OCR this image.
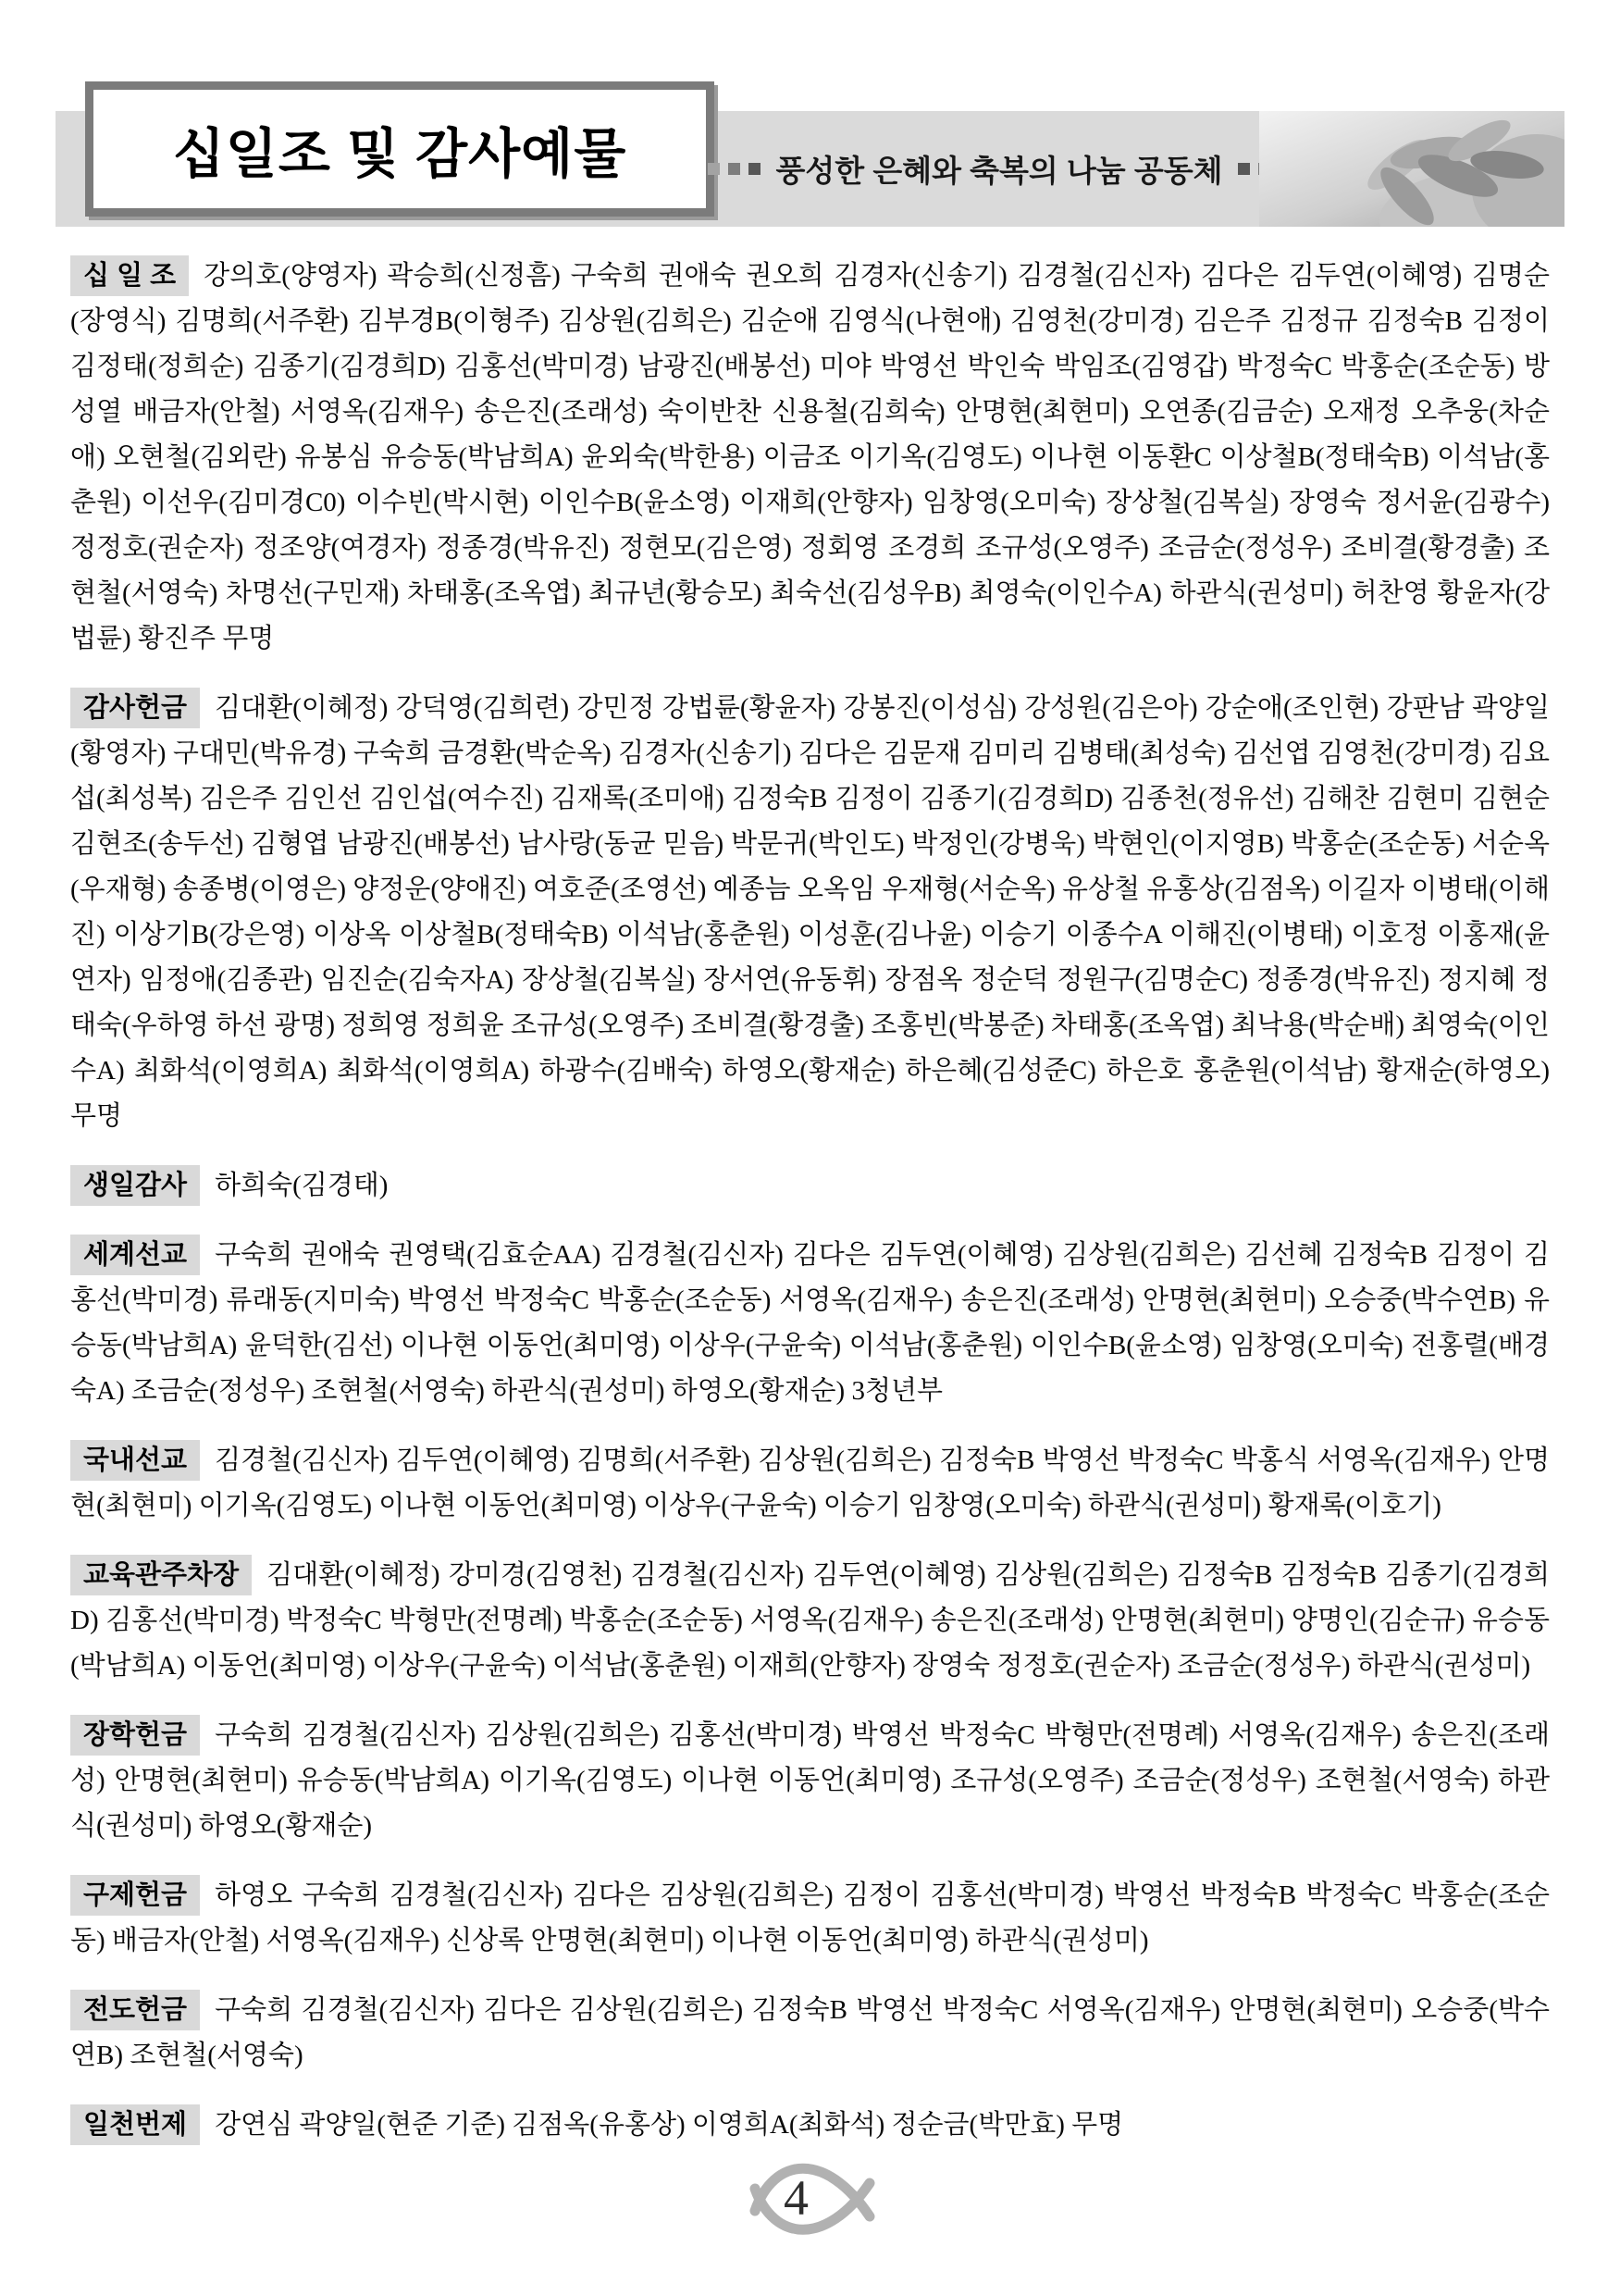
십일조 및 감사예물	풍성한 은혜와 축복의 나눔 공동체

십 일 조 강의호(양영자) 곽승희(신정흠) 구숙희 권애숙 권오희 김경자(신송기) 김경철(김신자) 김다은 김두연(이혜영) 김명순(장영식) 김명희(서주환) 김부경B(이형주) 김상원(김희은) 김순애 김영식(나현애) 김영천(강미경) 김은주 김정규 김정숙B 김정이 김정태(정희순) 김종기(김경희D) 김홍선(박미경) 남광진(배봉선) 미야 박영선 박인숙 박임조(김영갑) 박정숙C 박홍순(조순동) 방성열 배금자(안철) 서영옥(김재우) 송은진(조래성) 숙이반찬 신용철(김희숙) 안명현(최현미) 오연종(김금순) 오재정 오추웅(차순애) 오현철(김외란) 유봉심 유승동(박남희A) 윤외숙(박한용) 이금조 이기옥(김영도) 이나현 이동환C 이상철B(정태숙B) 이석남(홍춘원) 이선우(김미경C0) 이수빈(박시현) 이인수B(윤소영) 이재희(안향자) 임창영(오미숙) 장상철(김복실) 장영숙 정서윤(김광수) 정정호(권순자) 정조양(여경자) 정종경(박유진) 정현모(김은영) 정회영 조경희 조규성(오영주) 조금순(정성우) 조비결(황경출) 조현철(서영숙) 차명선(구민재) 차태홍(조옥엽) 최규년(황승모) 최숙선(김성우B) 최영숙(이인수A) 하관식(권성미) 허찬영 황윤자(강법륜) 황진주 무명

감사헌금 김대환(이혜정) 강덕영(김희련) 강민정 강법륜(황윤자) 강봉진(이성심) 강성원(김은아) 강순애(조인현) 강판남 곽양일(황영자) 구대민(박유경) 구숙희 금경환(박순옥) 김경자(신송기) 김다은 김문재 김미리 김병태(최성숙) 김선엽 김영천(강미경) 김요섭(최성복) 김은주 김인선 김인섭(여수진) 김재록(조미애) 김정숙B 김정이 김종기(김경희D) 김종천(정유선) 김해찬 김현미 김현순 김현조(송두선) 김형엽 남광진(배봉선) 남사랑(동균 믿음) 박문귀(박인도) 박정인(강병욱) 박현인(이지영B) 박홍순(조순동) 서순옥(우재형) 송종병(이영은) 양정운(양애진) 여호준(조영선) 예종늠 오옥임 우재형(서순옥) 유상철 유홍상(김점옥) 이길자 이병태(이해진) 이상기B(강은영) 이상옥 이상철B(정태숙B) 이석남(홍춘원) 이성훈(김나윤) 이승기 이종수A 이해진(이병태) 이호정 이홍재(윤연자) 임정애(김종관) 임진순(김숙자A) 장상철(김복실) 장서연(유동휘) 장점옥 정순덕 정원구(김명순C) 정종경(박유진) 정지혜 정태숙(우하영 하선 광명) 정희영 정희윤 조규성(오영주) 조비결(황경출) 조홍빈(박봉준) 차태홍(조옥엽) 최낙용(박순배) 최영숙(이인수A) 최화석(이영희A) 최화석(이영희A) 하광수(김배숙) 하영오(황재순) 하은혜(김성준C) 하은호 홍춘원(이석남) 황재순(하영오) 무명

생일감사 하희숙(김경태)

세계선교 구숙희 권애숙 권영택(김효순AA) 김경철(김신자) 김다은 김두연(이혜영) 김상원(김희은) 김선혜 김정숙B 김정이 김홍선(박미경) 류래동(지미숙) 박영선 박정숙C 박홍순(조순동) 서영옥(김재우) 송은진(조래성) 안명현(최현미) 오승중(박수연B) 유승동(박남희A) 윤덕한(김선) 이나현 이동언(최미영) 이상우(구윤숙) 이석남(홍춘원) 이인수B(윤소영) 임창영(오미숙) 전홍렬(배경숙A) 조금순(정성우) 조현철(서영숙) 하관식(권성미) 하영오(황재순) 3청년부

국내선교 김경철(김신자) 김두연(이혜영) 김명희(서주환) 김상원(김희은) 김정숙B 박영선 박정숙C 박홍식 서영옥(김재우) 안명현(최현미) 이기옥(김영도) 이나현 이동언(최미영) 이상우(구윤숙) 이승기 임창영(오미숙) 하관식(권성미) 황재록(이호기)

교육관주차장 김대환(이혜정) 강미경(김영천) 김경철(김신자) 김두연(이혜영) 김상원(김희은) 김정숙B 김정숙B 김종기(김경희D) 김홍선(박미경) 박정숙C 박형만(전명례) 박홍순(조순동) 서영옥(김재우) 송은진(조래성) 안명현(최현미) 양명인(김순규) 유승동(박남희A) 이동언(최미영) 이상우(구윤숙) 이석남(홍춘원) 이재희(안향자) 장영숙 정정호(권순자) 조금순(정성우) 하관식(권성미)

장학헌금 구숙희 김경철(김신자) 김상원(김희은) 김홍선(박미경) 박영선 박정숙C 박형만(전명례) 서영옥(김재우) 송은진(조래성) 안명현(최현미) 유승동(박남희A) 이기옥(김영도) 이나현 이동언(최미영) 조규성(오영주) 조금순(정성우) 조현철(서영숙) 하관식(권성미) 하영오(황재순)

구제헌금 하영오 구숙희 김경철(김신자) 김다은 김상원(김희은) 김정이 김홍선(박미경) 박영선 박정숙B 박정숙C 박홍순(조순동) 배금자(안철) 서영옥(김재우) 신상록 안명현(최현미) 이나현 이동언(최미영) 하관식(권성미)

전도헌금 구숙희 김경철(김신자) 김다은 김상원(김희은) 김정숙B 박영선 박정숙C 서영옥(김재우) 안명현(최현미) 오승중(박수연B) 조현철(서영숙)

일천번제 강연심 곽양일(현준 기준) 김점옥(유홍상) 이영희A(최화석) 정순금(박만효) 무명

4
